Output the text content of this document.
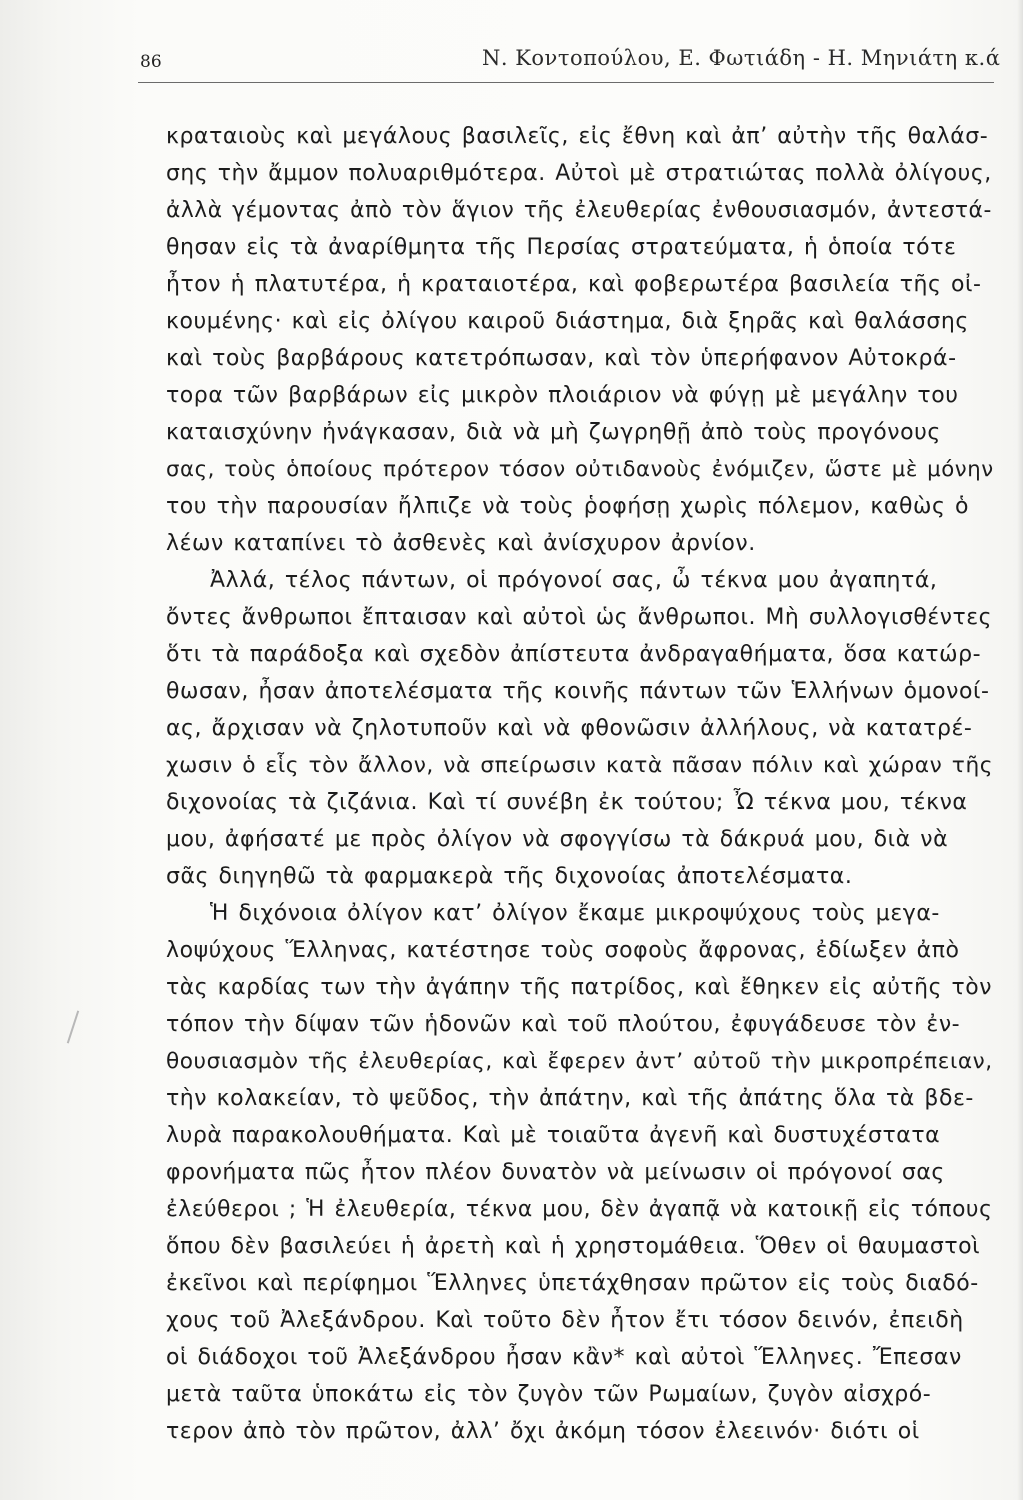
86	Ν. Κοντοπούλου, Ε. Φωτιάδη - Η. Μηνιάτη κ.ά
κραταιοὺς καὶ μεγάλους βασιλεῖς, εἰς ἔθνη καὶ ἀπ’ αὐτὴν τῆς θαλάσ-
σης τὴν ἄμμον πολυαριθμότερα. Αὐτοὶ μὲ στρατιώτας πολλὰ ὀλίγους,
ἀλλὰ γέμοντας ἀπὸ τὸν ἅγιον τῆς ἐλευθερίας ἐνθουσιασμόν, ἀντεστά-
θησαν εἰς τὰ ἀναρίθμητα τῆς Περσίας στρατεύματα, ἡ ὁποία τότε
ἦτον ἡ πλατυτέρα, ἡ κραταιοτέρα, καὶ φοβερωτέρα βασιλεία τῆς οἰ-
κουμένης· καὶ εἰς ὀλίγου καιροῦ διάστημα, διὰ ξηρᾶς καὶ θαλάσσης
καὶ τοὺς βαρβάρους κατετρόπωσαν, καὶ τὸν ὑπερήφανον Αὐτοκρά-
τορα τῶν βαρβάρων εἰς μικρὸν πλοιάριον νὰ φύγῃ μὲ μεγάλην του
καταισχύνην ἠνάγκασαν, διὰ νὰ μὴ ζωγρηθῇ ἀπὸ τοὺς προγόνους
σας, τοὺς ὁποίους πρότερον τόσον οὐτιδανοὺς ἐνόμιζεν, ὥστε μὲ μόνην
του τὴν παρουσίαν ἤλπιζε νὰ τοὺς ῥοφήσῃ χωρὶς πόλεμον, καθὼς ὁ
λέων καταπίνει τὸ ἀσθενὲς καὶ ἀνίσχυρον ἀρνίον.
Ἀλλά, τέλος πάντων, οἱ πρόγονοί σας, ὦ τέκνα μου ἀγαπητά,
ὄντες ἄνθρωποι ἔπταισαν καὶ αὐτοὶ ὡς ἄνθρωποι. Μὴ συλλογισθέντες
ὅτι τὰ παράδοξα καὶ σχεδὸν ἀπίστευτα ἀνδραγαθήματα, ὅσα κατώρ-
θωσαν, ἦσαν ἀποτελέσματα τῆς κοινῆς πάντων τῶν Ἑλλήνων ὁμονοί-
ας, ἄρχισαν νὰ ζηλοτυποῦν καὶ νὰ φθονῶσιν ἀλλήλους, νὰ κατατρέ-
χωσιν ὁ εἷς τὸν ἄλλον, νὰ σπείρωσιν κατὰ πᾶσαν πόλιν καὶ χώραν τῆς
διχονοίας τὰ ζιζάνια. Καὶ τί συνέβη ἐκ τούτου; Ὦ τέκνα μου, τέκνα
μου, ἀφήσατέ με πρὸς ὀλίγον νὰ σφογγίσω τὰ δάκρυά μου, διὰ νὰ
σᾶς διηγηθῶ τὰ φαρμακερὰ τῆς διχονοίας ἀποτελέσματα.
Ἡ διχόνοια ὀλίγον κατ’ ὀλίγον ἔκαμε μικροψύχους τοὺς μεγα-
λοψύχους Ἕλληνας, κατέστησε τοὺς σοφοὺς ἄφρονας, ἐδίωξεν ἀπὸ
τὰς καρδίας των τὴν ἀγάπην τῆς πατρίδος, καὶ ἔθηκεν εἰς αὐτῆς τὸν
τόπον τὴν δίψαν τῶν ἡδονῶν καὶ τοῦ πλούτου, ἐφυγάδευσε τὸν ἐν-
θουσιασμὸν τῆς ἐλευθερίας, καὶ ἔφερεν ἀντ’ αὐτοῦ τὴν μικροπρέπειαν,
τὴν κολακείαν, τὸ ψεῦδος, τὴν ἀπάτην, καὶ τῆς ἀπάτης ὅλα τὰ βδε-
λυρὰ παρακολουθήματα. Καὶ μὲ τοιαῦτα ἀγενῆ καὶ δυστυχέστατα
φρονήματα πῶς ἦτον πλέον δυνατὸν νὰ μείνωσιν οἱ πρόγονοί σας
ἐλεύθεροι ; Ἡ ἐλευθερία, τέκνα μου, δὲν ἀγαπᾷ νὰ κατοικῇ εἰς τόπους
ὅπου δὲν βασιλεύει ἡ ἀρετὴ καὶ ἡ χρηστομάθεια. Ὅθεν οἱ θαυμαστοὶ
ἐκεῖνοι καὶ περίφημοι Ἕλληνες ὑπετάχθησαν πρῶτον εἰς τοὺς διαδό-
χους τοῦ Ἀλεξάνδρου. Καὶ τοῦτο δὲν ἦτον ἔτι τόσον δεινόν, ἐπειδὴ
οἱ διάδοχοι τοῦ Ἀλεξάνδρου ἦσαν κἂν* καὶ αὐτοὶ Ἕλληνες. Ἔπεσαν
μετὰ ταῦτα ὑποκάτω εἰς τὸν ζυγὸν τῶν Ρωμαίων, ζυγὸν αἰσχρό-
τερον ἀπὸ τὸν πρῶτον, ἀλλ’ ὄχι ἀκόμη τόσον ἐλεεινόν· διότι οἱ
